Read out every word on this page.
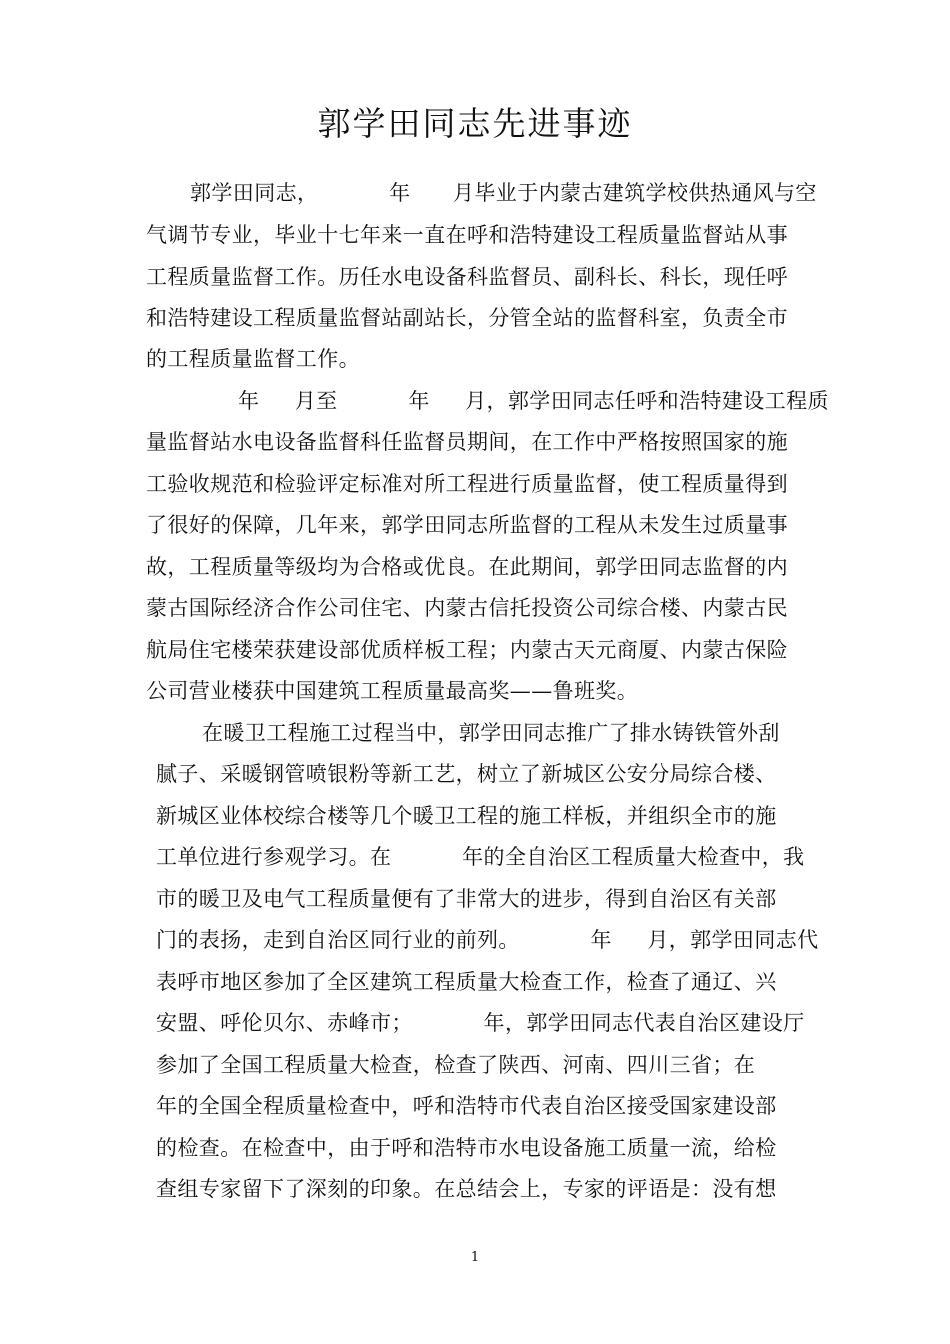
郭学田同志先进事迹
郭学田同志，          年      月毕业于内蒙古建筑学校供热通风与空
气调节专业，毕业十七年来一直在呼和浩特建设工程质量监督站从事
工程质量监督工作。历任水电设备科监督员、副科长、科长，现任呼
和浩特建设工程质量监督站副站长，分管全站的监督科室，负责全市
的工程质量监督工作。
年     月至          年     月，郭学田同志任呼和浩特建设工程质
量监督站水电设备监督科任监督员期间，在工作中严格按照国家的施
工验收规范和检验评定标准对所工程进行质量监督，使工程质量得到
了很好的保障，几年来，郭学田同志所监督的工程从未发生过质量事
故，工程质量等级均为合格或优良。在此期间，郭学田同志监督的内
蒙古国际经济合作公司住宅、内蒙古信托投资公司综合楼、内蒙古民
航局住宅楼荣获建设部优质样板工程；内蒙古天元商厦、内蒙古保险
公司营业楼获中国建筑工程质量最高奖——鲁班奖。
在暖卫工程施工过程当中，郭学田同志推广了排水铸铁管外刮
腻子、采暖钢管喷银粉等新工艺，树立了新城区公安分局综合楼、
新城区业体校综合楼等几个暖卫工程的施工样板，并组织全市的施
工单位进行参观学习。在          年的全自治区工程质量大检查中，我
市的暖卫及电气工程质量便有了非常大的进步，得到自治区有关部
门的表扬，走到自治区同行业的前列。          年     月，郭学田同志代
表呼市地区参加了全区建筑工程质量大检查工作，检查了通辽、兴
安盟、呼伦贝尔、赤峰市；          年，郭学田同志代表自治区建设厅
参加了全国工程质量大检查，检查了陕西、河南、四川三省；在
年的全国全程质量检查中，呼和浩特市代表自治区接受国家建设部
的检查。在检查中，由于呼和浩特市水电设备施工质量一流，给检
查组专家留下了深刻的印象。在总结会上，专家的评语是：没有想
1
